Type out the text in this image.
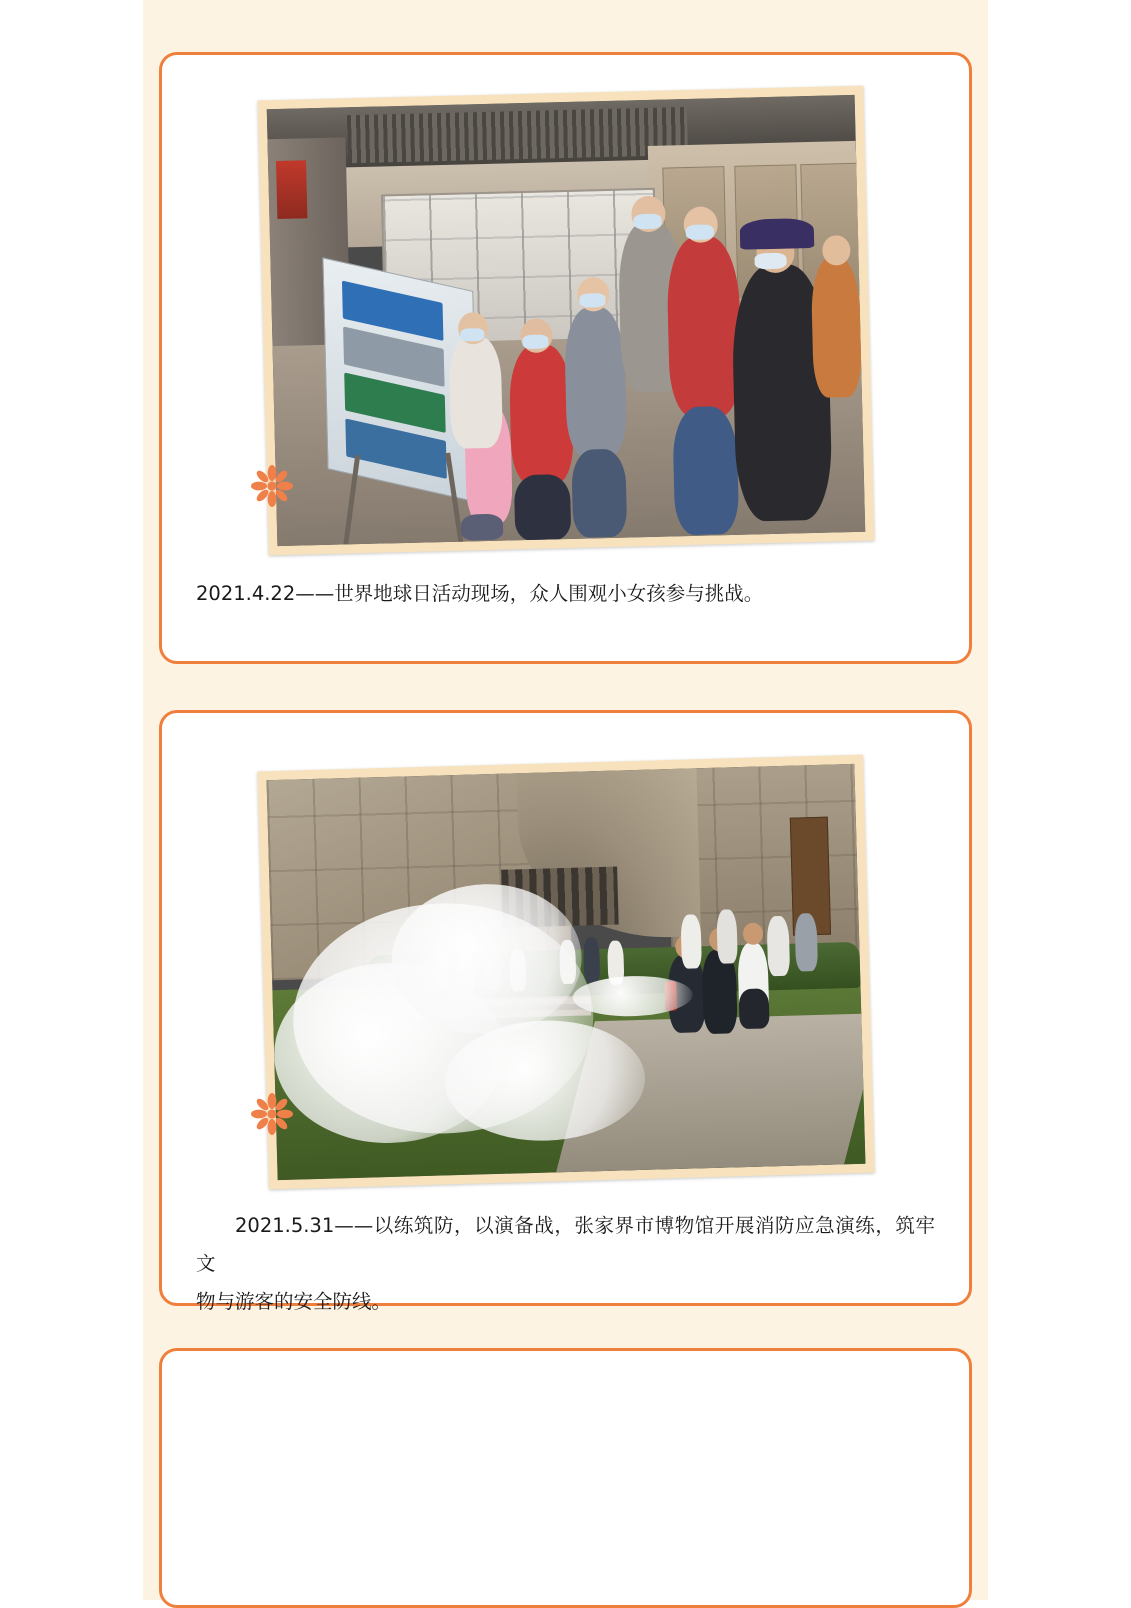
2021.4.22——世界地球日活动现场，众人围观小女孩参与挑战。
2021.5.31——以练筑防，以演备战，张家界市博物馆开展消防应急演练，筑牢文
物与游客的安全防线。
